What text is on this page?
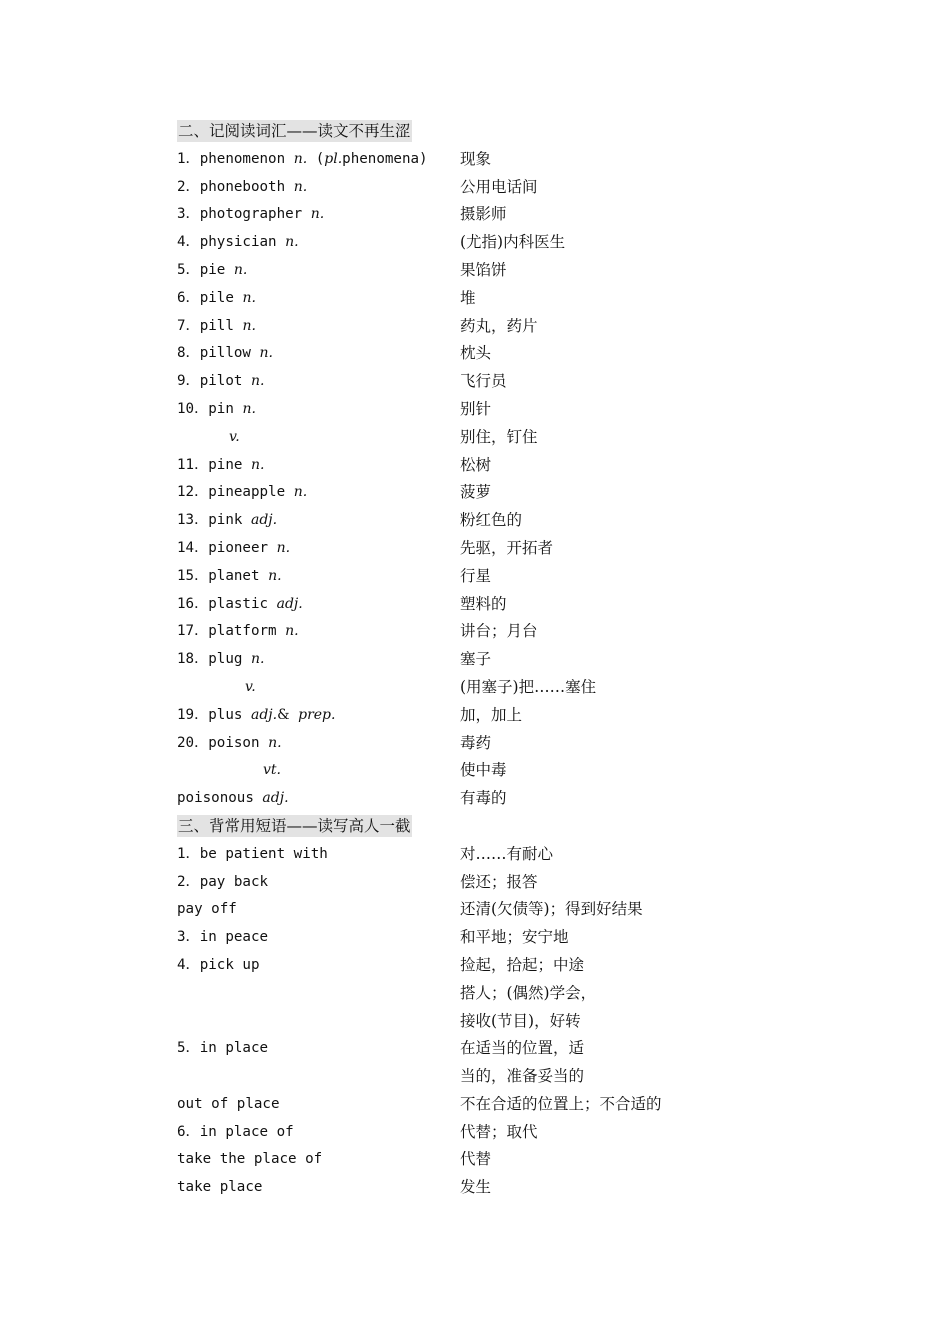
二、记阅读词汇——读文不再生涩
1．phenomenon n. (pl.phenomena) 现象
2．phonebooth n.	公用电话间
3．photographer n.	摄影师
4．physician n.	(尤指)内科医生
5．pie n.	果馅饼
6．pile n.	堆
7．pill n.	药丸，药片
8．pillow n.	枕头
9．pilot n.	飞行员
10．pin n.	别针
v.	别住，钉住
11．pine n.	松树
12．pineapple n.	菠萝
13．pink adj.	粉红色的
14．pioneer n.	先驱，开拓者
15．planet n.	行星
16．plastic adj.	塑料的
17．platform n.	讲台；月台
18．plug n.	塞子
v.	(用塞子)把……塞住
19．plus adj.& prep.	加，加上
20．poison n.	毒药
vt.	使中毒
poisonous adj.	有毒的
三、背常用短语——读写高人一截
1．be patient with	对……有耐心
2．pay back	偿还；报答
pay off	还清(欠债等)；得到好结果
3．in peace	和平地；安宁地
4．pick up	捡起，拾起；中途
搭人；(偶然)学会，
接收(节目)，好转
5．in place	在适当的位置，适
当的，准备妥当的
out of place	不在合适的位置上；不合适的
6．in place of	代替；取代
take the place of	代替
take place	发生
